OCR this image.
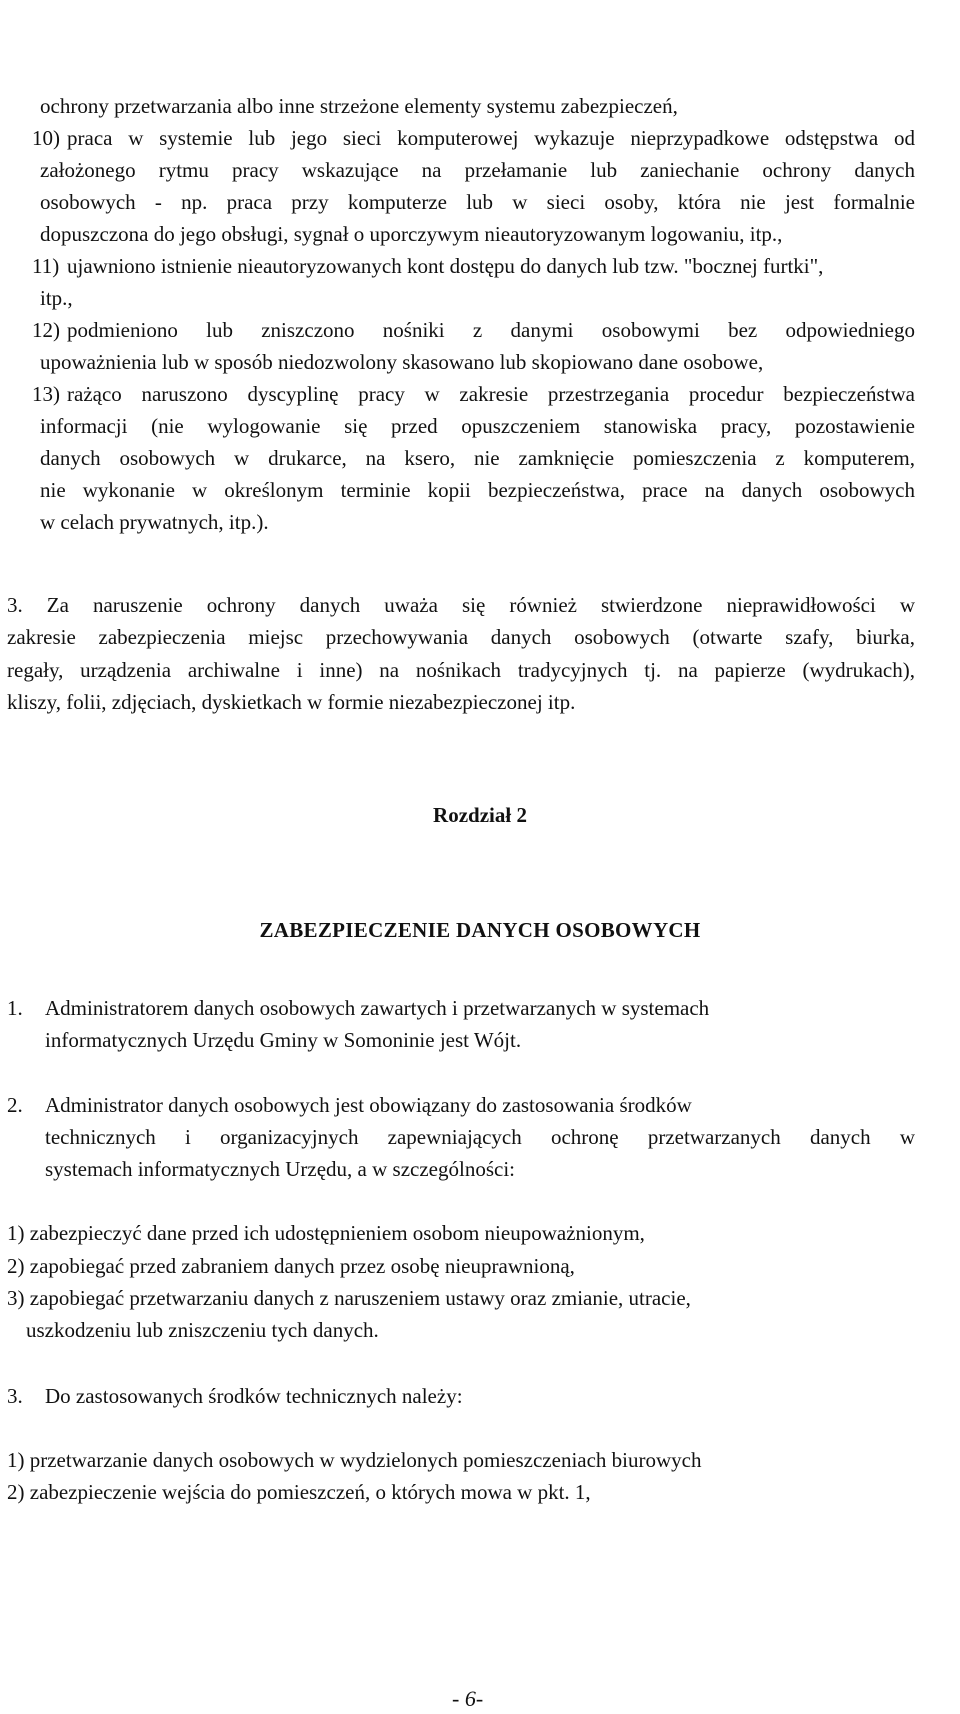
ochrony przetwarzania albo inne strzeżone elementy systemu zabezpieczeń,
10) praca w systemie lub jego sieci komputerowej wykazuje nieprzypadkowe odstępstwa od
założonego rytmu pracy wskazujące na przełamanie lub zaniechanie ochrony danych
osobowych - np. praca przy komputerze lub w sieci osoby, która nie jest formalnie
dopuszczona do jego obsługi, sygnał o uporczywym nieautoryzowanym logowaniu, itp.,
11) ujawniono istnienie nieautoryzowanych kont dostępu do danych lub tzw. "bocznej furtki",
itp.,
12) podmieniono lub zniszczono nośniki z danymi osobowymi bez odpowiedniego
upoważnienia lub w sposób niedozwolony skasowano lub skopiowano dane osobowe,
13) rażąco naruszono dyscyplinę pracy w zakresie przestrzegania procedur bezpieczeństwa
informacji (nie wylogowanie się przed opuszczeniem stanowiska pracy, pozostawienie
danych osobowych w drukarce, na ksero, nie zamknięcie pomieszczenia z komputerem,
nie wykonanie w określonym terminie kopii bezpieczeństwa, prace na danych osobowych
w celach prywatnych, itp.).
3. Za naruszenie ochrony danych uważa się również stwierdzone nieprawidłowości w
zakresie zabezpieczenia miejsc przechowywania danych osobowych (otwarte szafy, biurka,
regały, urządzenia archiwalne i inne) na nośnikach tradycyjnych tj. na papierze (wydrukach),
kliszy, folii, zdjęciach, dyskietkach w formie niezabezpieczonej itp.
Rozdział 2
ZABEZPIECZENIE DANYCH OSOBOWYCH
1. Administratorem danych osobowych zawartych i przetwarzanych w systemach
informatycznych Urzędu Gminy w Somoninie jest Wójt.
2. Administrator danych osobowych jest obowiązany do zastosowania środków
technicznych i organizacyjnych zapewniających ochronę przetwarzanych danych w
systemach informatycznych Urzędu, a w szczególności:
1) zabezpieczyć dane przed ich udostępnieniem osobom nieupoważnionym,
2) zapobiegać przed zabraniem danych przez osobę nieuprawnioną,
3) zapobiegać przetwarzaniu danych z naruszeniem ustawy oraz zmianie, utracie,
uszkodzeniu lub zniszczeniu tych danych.
3. Do zastosowanych środków technicznych należy:
1) przetwarzanie danych osobowych w wydzielonych pomieszczeniach biurowych
2) zabezpieczenie wejścia do pomieszczeń, o których mowa w pkt. 1,
- 6-
